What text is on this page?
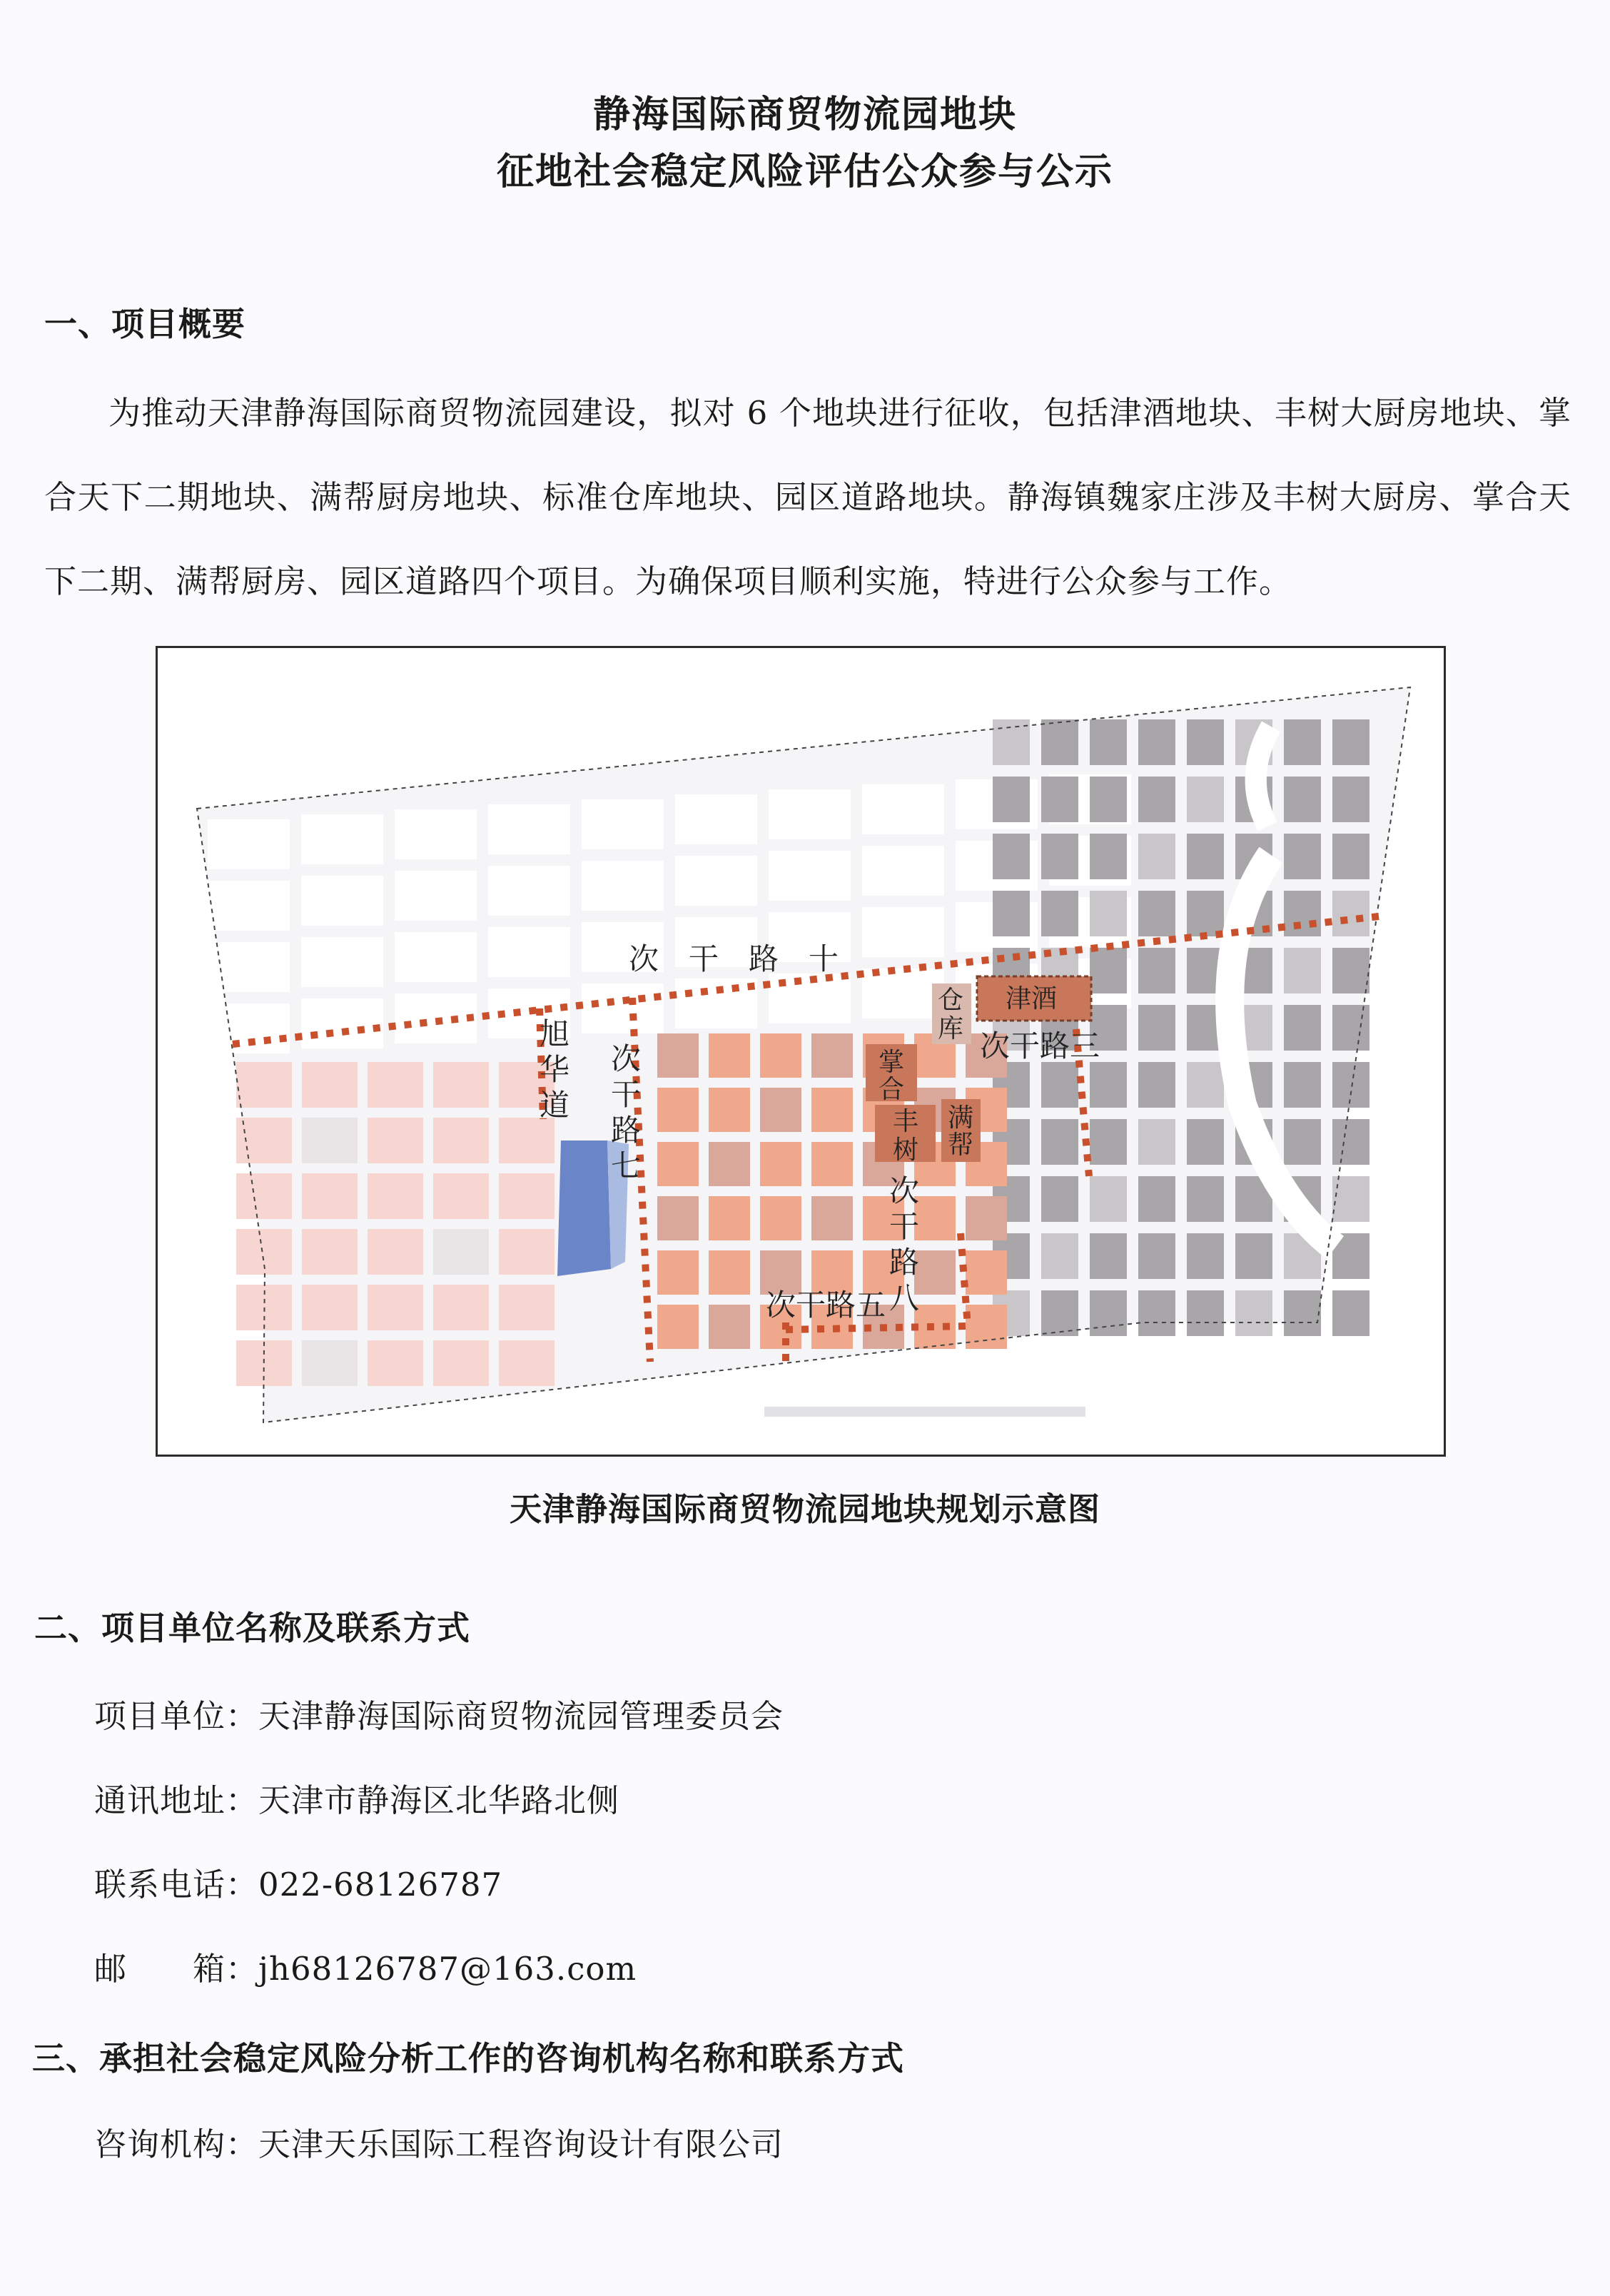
静海国际商贸物流园地块
征地社会稳定风险评估公众参与公示
一、项目概要
为推动天津静海国际商贸物流园建设，拟对 6 个地块进行征收，包括津酒地块、丰树大厨房地块、掌合天下二期地块、满帮厨房地块、标准仓库地块、园区道路地块。静海镇魏家庄涉及丰树大厨房、掌合天下二期、满帮厨房、园区道路四个项目。为确保项目顺利实施，特进行公众参与工作。
次　干　路　十
旭
华
道
次
干
路
七
次干路三
次
干
路
八
次干路五
津酒
仓
库
掌
合
丰
树
满
帮
天津静海国际商贸物流园地块规划示意图
二、项目单位名称及联系方式
项目单位：天津静海国际商贸物流园管理委员会
通讯地址：天津市静海区北华路北侧
联系电话：022-68126787
邮　　箱：jh68126787@163.com
三、承担社会稳定风险分析工作的咨询机构名称和联系方式
咨询机构：天津天乐国际工程咨询设计有限公司
